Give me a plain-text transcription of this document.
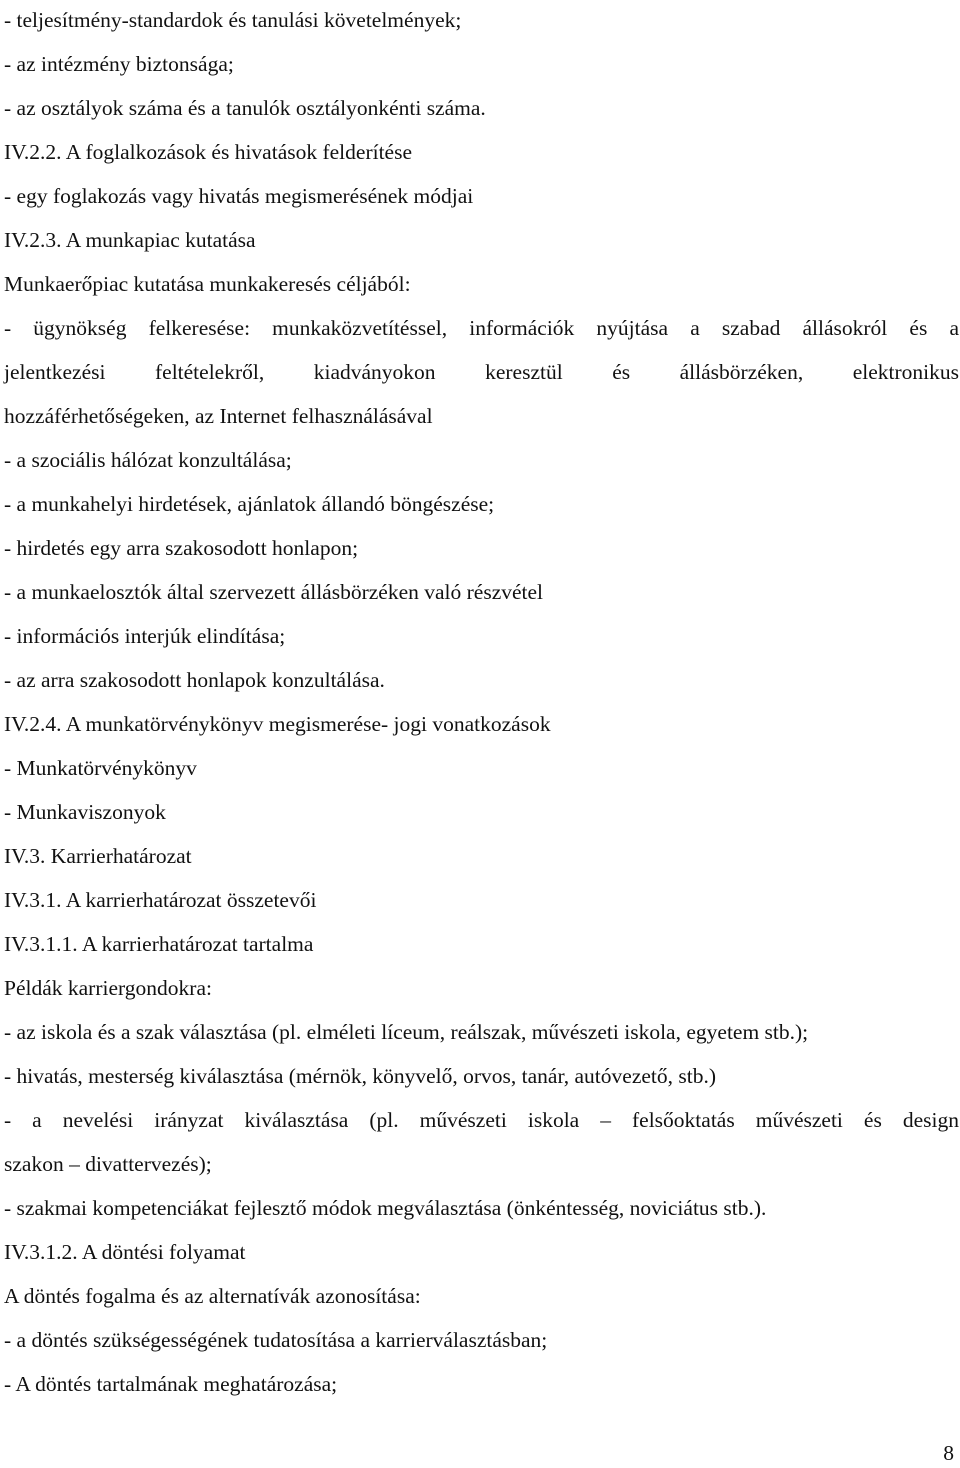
- teljesítmény-standardok és tanulási követelmények;
- az intézmény biztonsága;
- az osztályok száma és a tanulók osztályonkénti száma.
IV.2.2. A foglalkozások és hivatások felderítése
- egy foglakozás vagy hivatás megismerésének módjai
IV.2.3. A munkapiac kutatása
Munkaerőpiac kutatása munkakeresés céljából:
- ügynökség felkeresése: munkaközvetítéssel, információk nyújtása a szabad állásokról és a
jelentkezési feltételekről, kiadványokon keresztül és állásbörzéken, elektronikus
hozzáférhetőségeken, az Internet felhasználásával
- a szociális hálózat konzultálása;
- a munkahelyi hirdetések, ajánlatok állandó böngészése;
- hirdetés egy arra szakosodott honlapon;
- a munkaelosztók által szervezett állásbörzéken való részvétel
- információs interjúk elindítása;
- az arra szakosodott honlapok konzultálása.
IV.2.4. A munkatörvénykönyv megismerése- jogi vonatkozások
- Munkatörvénykönyv
- Munkaviszonyok
IV.3. Karrierhatározat
IV.3.1. A karrierhatározat összetevői
IV.3.1.1. A karrierhatározat tartalma
Példák karriergondokra:
- az iskola és a szak választása (pl. elméleti líceum, reálszak, művészeti iskola, egyetem stb.);
- hivatás, mesterség kiválasztása (mérnök, könyvelő, orvos, tanár, autóvezető, stb.)
- a nevelési irányzat kiválasztása (pl. művészeti iskola – felsőoktatás művészeti és design
szakon – divattervezés);
- szakmai kompetenciákat fejlesztő módok megválasztása (önkéntesség, noviciátus stb.).
IV.3.1.2. A döntési folyamat
A döntés fogalma és az alternatívák azonosítása:
- a döntés szükségességének tudatosítása a karrierválasztásban;
- A döntés tartalmának meghatározása;
8
